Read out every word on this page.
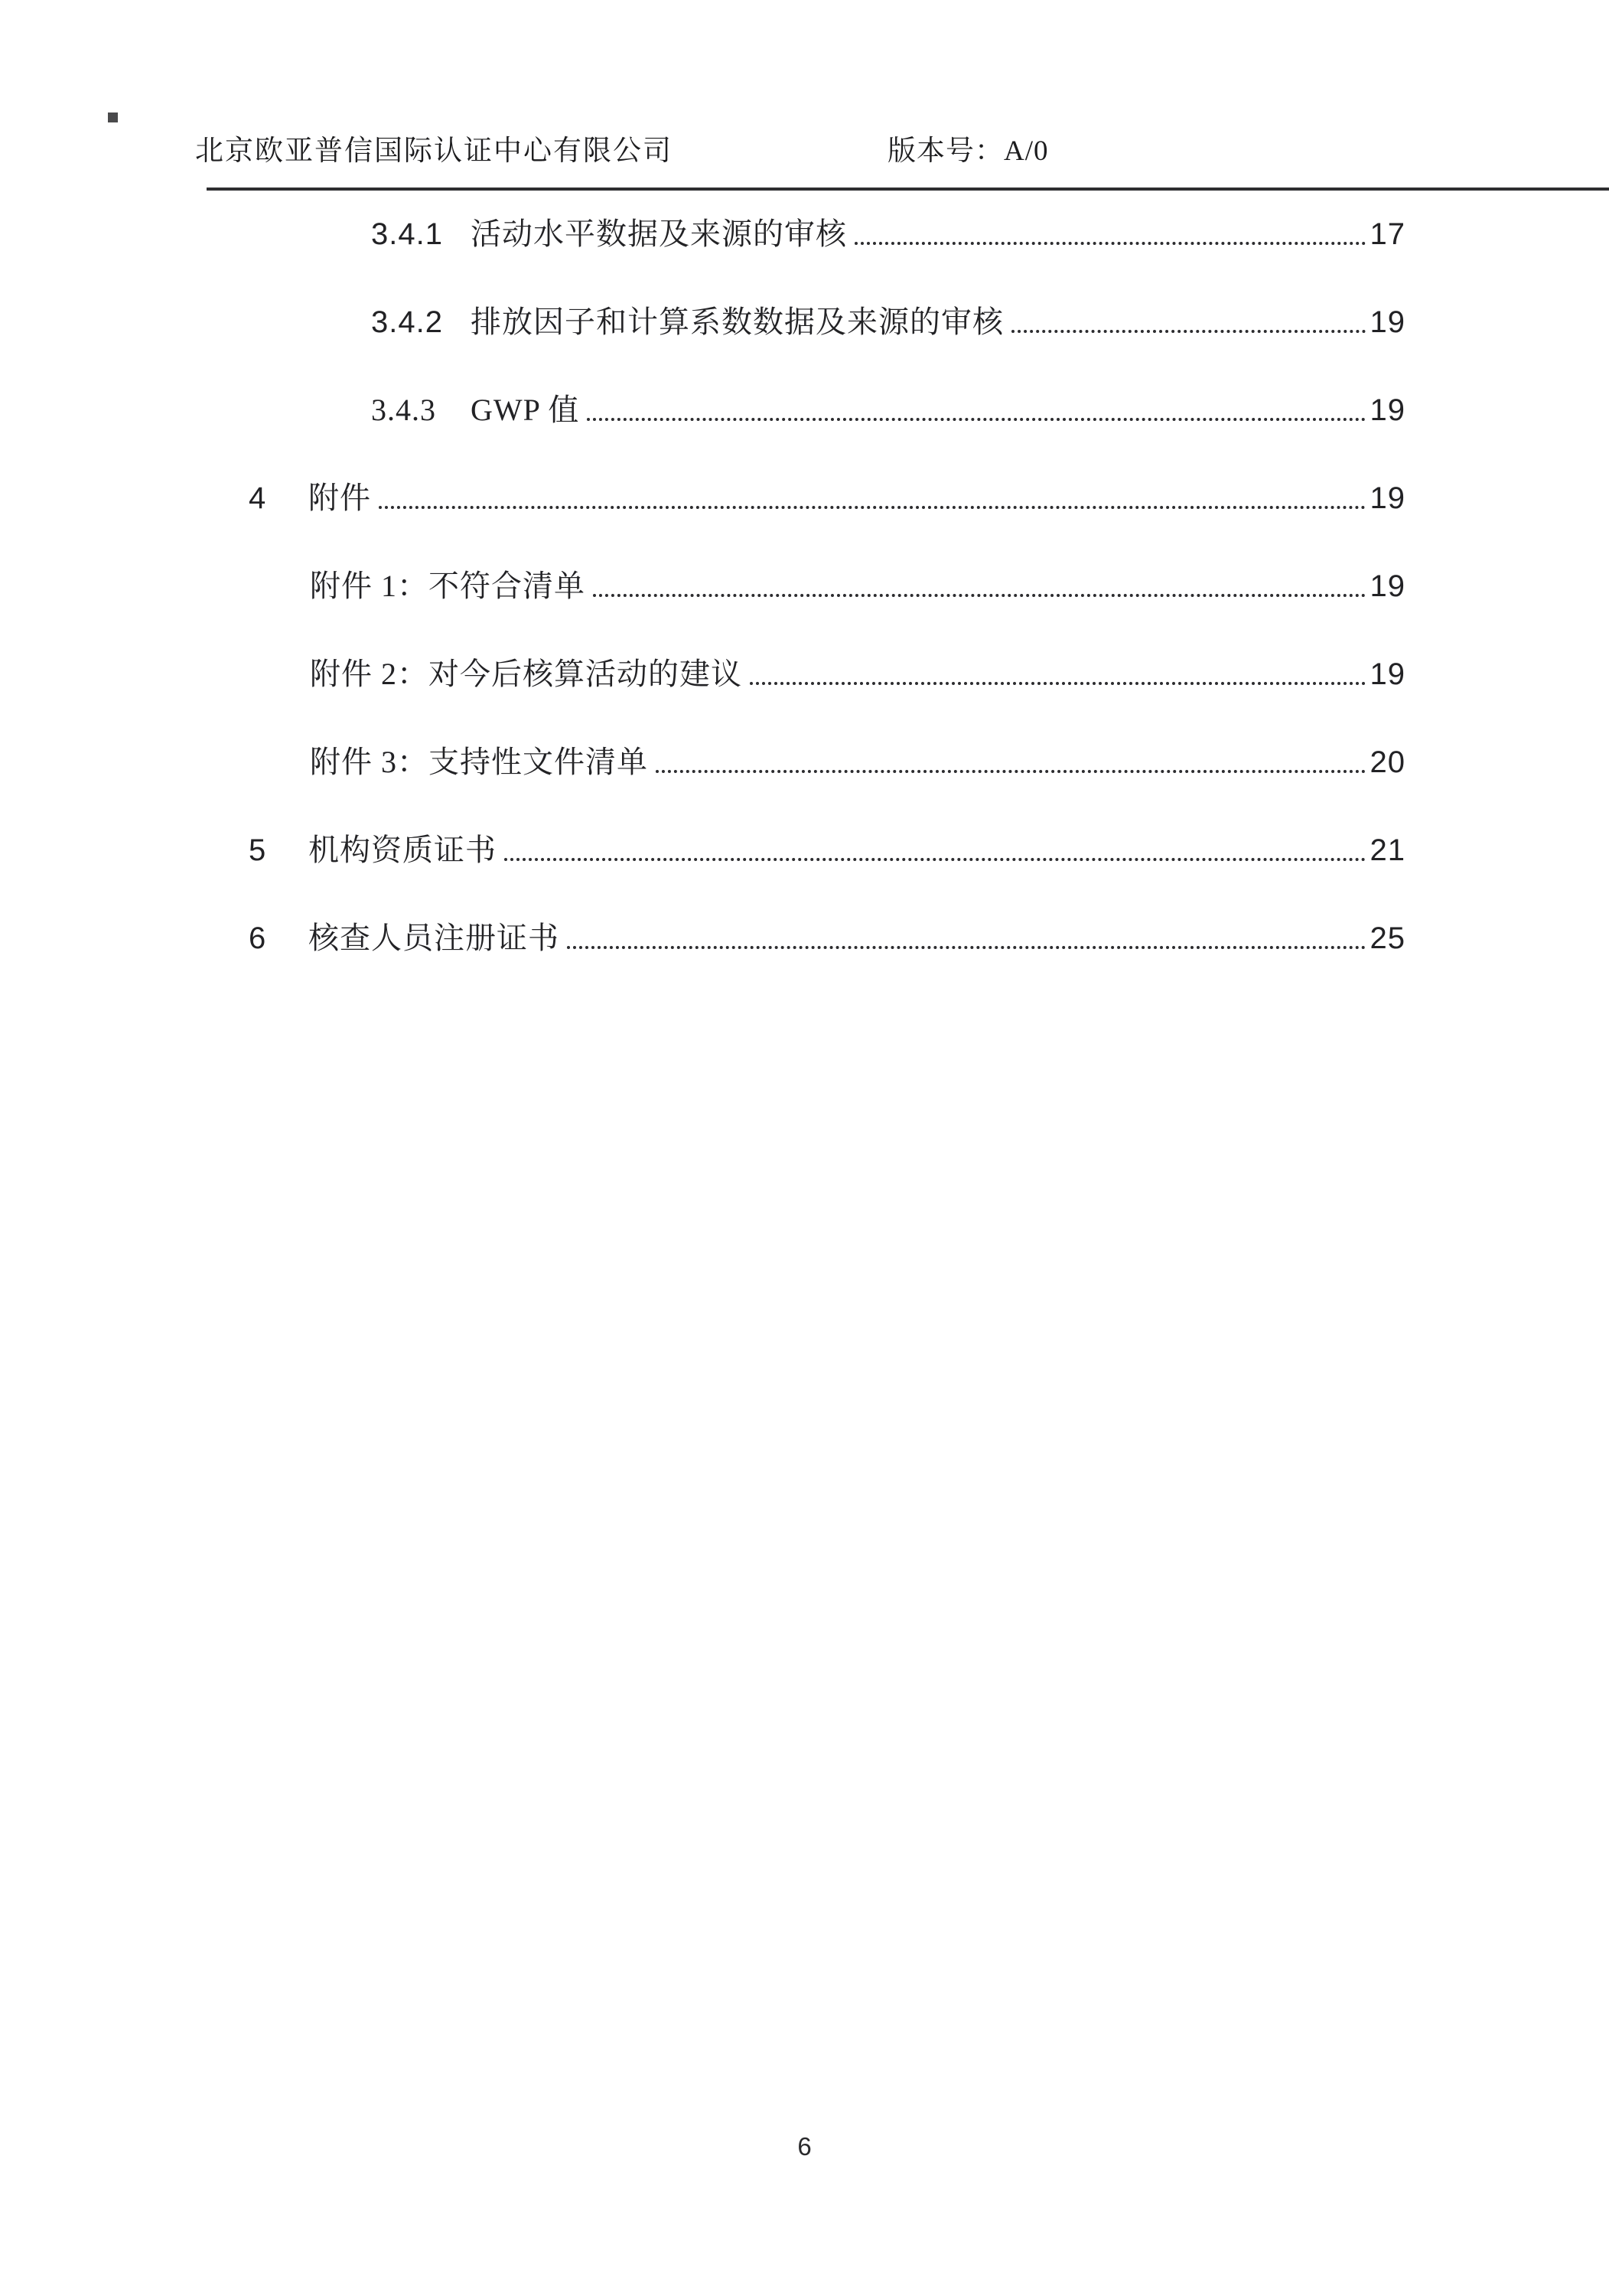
北京欧亚普信国际认证中心有限公司	版本号：A/0
3.4.1 活动水平数据及来源的审核	17
3.4.2 排放因子和计算系数数据及来源的审核	19
3.4.3	GWP 值	19
4	附件	19
附件 1：不符合清单	19
附件 2：对今后核算活动的建议	19
附件 3：支持性文件清单	20
5	机构资质证书	21
6	核查人员注册证书	25
6
